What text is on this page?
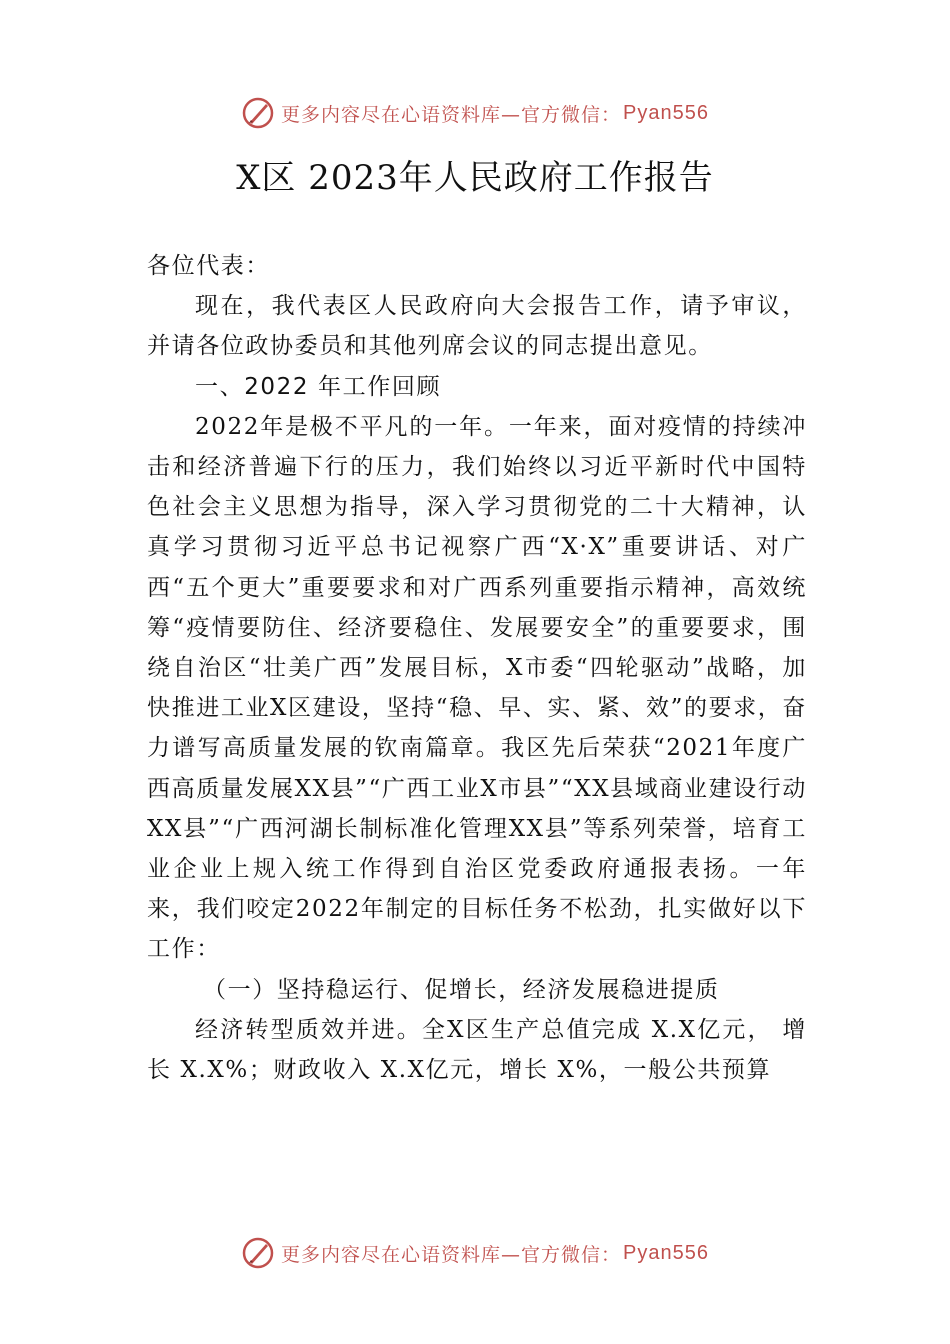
更多内容尽在心语资料库—官方微信： Pyan556
X区 2023年人民政府工作报告

各位代表：

现在，我代表区人民政府向大会报告工作，请予审议，并请各位政协委员和其他列席会议的同志提出意见。

一、2022 年工作回顾

2022年是极不平凡的一年。一年来，面对疫情的持续冲击和经济普遍下行的压力，我们始终以习近平新时代中国特色社会主义思想为指导，深入学习贯彻党的二十大精神，认真学习贯彻习近平总书记视察广西“X·X”重要讲话、对广西“五个更大”重要要求和对广西系列重要指示精神，高效统筹“疫情要防住、经济要稳住、发展要安全”的重要要求，围绕自治区“壮美广西”发展目标，X市委“四轮驱动”战略，加快推进工业X区建设，坚持“稳、早、实、紧、效”的要求，奋力谱写高质量发展的钦南篇章。我区先后荣获“2021年度广西高质量发展XX县”“广西工业X市县”“XX县域商业建设行动XX县”“广西河湖长制标准化管理XX县”等系列荣誉，培育工业企业上规入统工作得到自治区党委政府通报表扬。一年来，我们咬定2022年制定的目标任务不松劲，扎实做好以下工作：

（一）坚持稳运行、促增长，经济发展稳进提质

经济转型质效并进。全X区生产总值完成 X.X亿元， 增长 X.X%；财政收入 X.X亿元，增长 X%，一般公共预算

更多内容尽在心语资料库—官方微信： Pyan556
